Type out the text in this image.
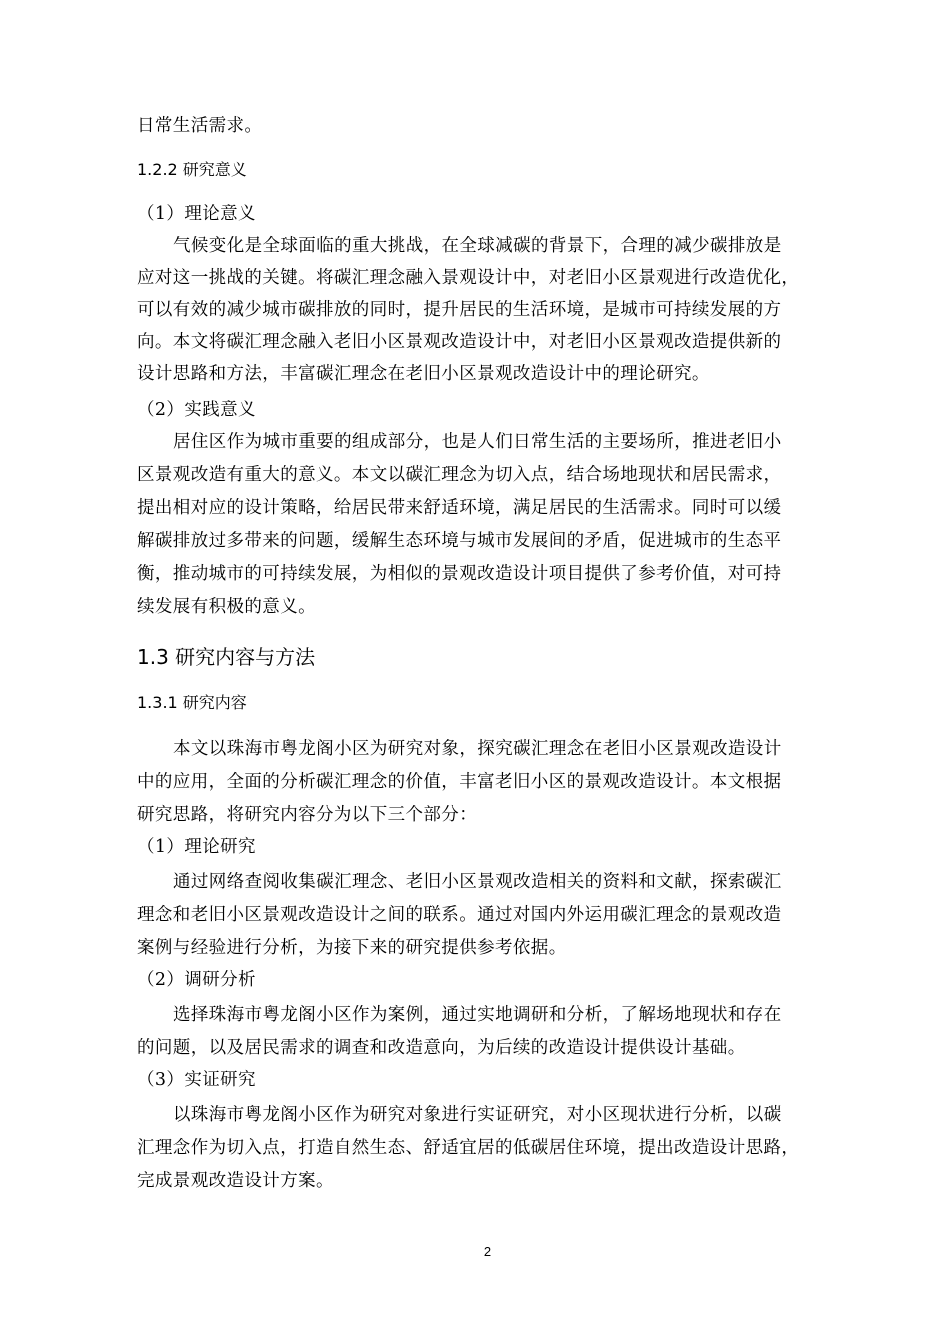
日常生活需求。
1.2.2 研究意义
（1）理论意义
气候变化是全球面临的重大挑战，在全球减碳的背景下，合理的减少碳排放是
应对这一挑战的关键。将碳汇理念融入景观设计中，对老旧小区景观进行改造优化，
可以有效的减少城市碳排放的同时，提升居民的生活环境，是城市可持续发展的方
向。本文将碳汇理念融入老旧小区景观改造设计中，对老旧小区景观改造提供新的
设计思路和方法，丰富碳汇理念在老旧小区景观改造设计中的理论研究。
（2）实践意义
居住区作为城市重要的组成部分，也是人们日常生活的主要场所，推进老旧小
区景观改造有重大的意义。本文以碳汇理念为切入点，结合场地现状和居民需求，
提出相对应的设计策略，给居民带来舒适环境，满足居民的生活需求。同时可以缓
解碳排放过多带来的问题，缓解生态环境与城市发展间的矛盾，促进城市的生态平
衡，推动城市的可持续发展，为相似的景观改造设计项目提供了参考价值，对可持
续发展有积极的意义。
1.3 研究内容与方法
1.3.1 研究内容
本文以珠海市粤龙阁小区为研究对象，探究碳汇理念在老旧小区景观改造设计
中的应用，全面的分析碳汇理念的价值，丰富老旧小区的景观改造设计。本文根据
研究思路，将研究内容分为以下三个部分：
（1）理论研究
通过网络查阅收集碳汇理念、老旧小区景观改造相关的资料和文献，探索碳汇
理念和老旧小区景观改造设计之间的联系。通过对国内外运用碳汇理念的景观改造
案例与经验进行分析，为接下来的研究提供参考依据。
（2）调研分析
选择珠海市粤龙阁小区作为案例，通过实地调研和分析，了解场地现状和存在
的问题，以及居民需求的调查和改造意向，为后续的改造设计提供设计基础。
（3）实证研究
以珠海市粤龙阁小区作为研究对象进行实证研究，对小区现状进行分析，以碳
汇理念作为切入点，打造自然生态、舒适宜居的低碳居住环境，提出改造设计思路，
完成景观改造设计方案。
2
